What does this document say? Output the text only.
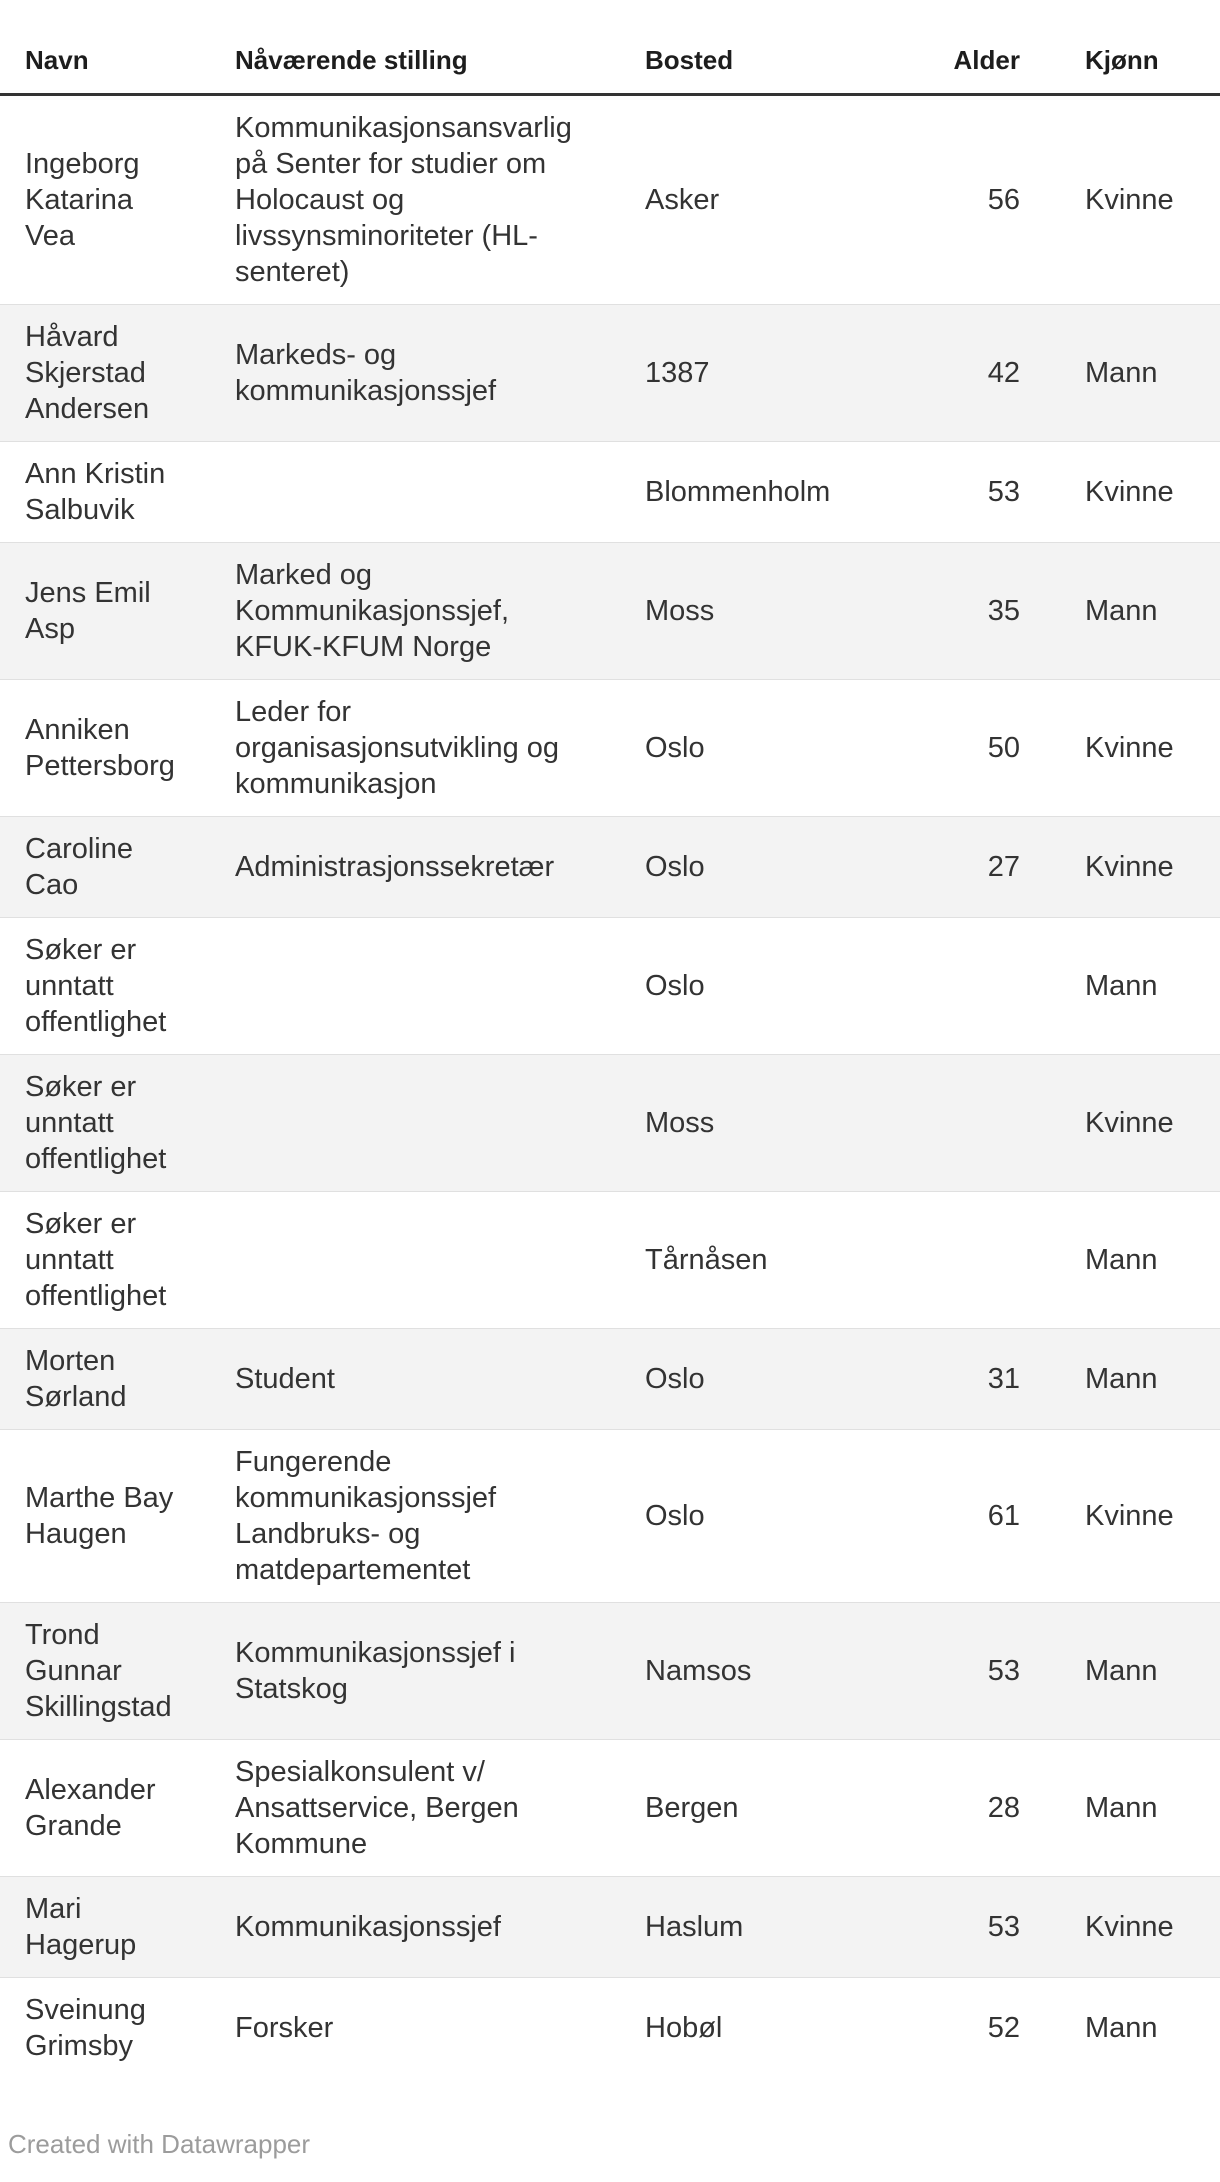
Navn	Nåværende stilling	Bosted	Alder	Kjønn
Ingeborg Katarina Vea	Kommunikasjonsansvarlig på Senter for studier om Holocaust og livssynsminoriteter (HL-senteret)	Asker	56	Kvinne
Håvard Skjerstad Andersen	Markeds- og kommunikasjonssjef	1387	42	Mann
Ann Kristin Salbuvik		Blommenholm	53	Kvinne
Jens Emil Asp	Marked og Kommunikasjonssjef, KFUK-KFUM Norge	Moss	35	Mann
Anniken Pettersborg	Leder for organisasjonsutvikling og kommunikasjon	Oslo	50	Kvinne
Caroline Cao	Administrasjonssekretær	Oslo	27	Kvinne
Søker er unntatt offentlighet		Oslo		Mann
Søker er unntatt offentlighet		Moss		Kvinne
Søker er unntatt offentlighet		Tårnåsen		Mann
Morten Sørland	Student	Oslo	31	Mann
Marthe Bay Haugen	Fungerende kommunikasjonssjef Landbruks- og matdepartementet	Oslo	61	Kvinne
Trond Gunnar Skillingstad	Kommunikasjonssjef i Statskog	Namsos	53	Mann
Alexander Grande	Spesialkonsulent v/ Ansattservice, Bergen Kommune	Bergen	28	Mann
Mari Hagerup	Kommunikasjonssjef	Haslum	53	Kvinne
Sveinung Grimsby	Forsker	Hobøl	52	Mann
Created with Datawrapper
